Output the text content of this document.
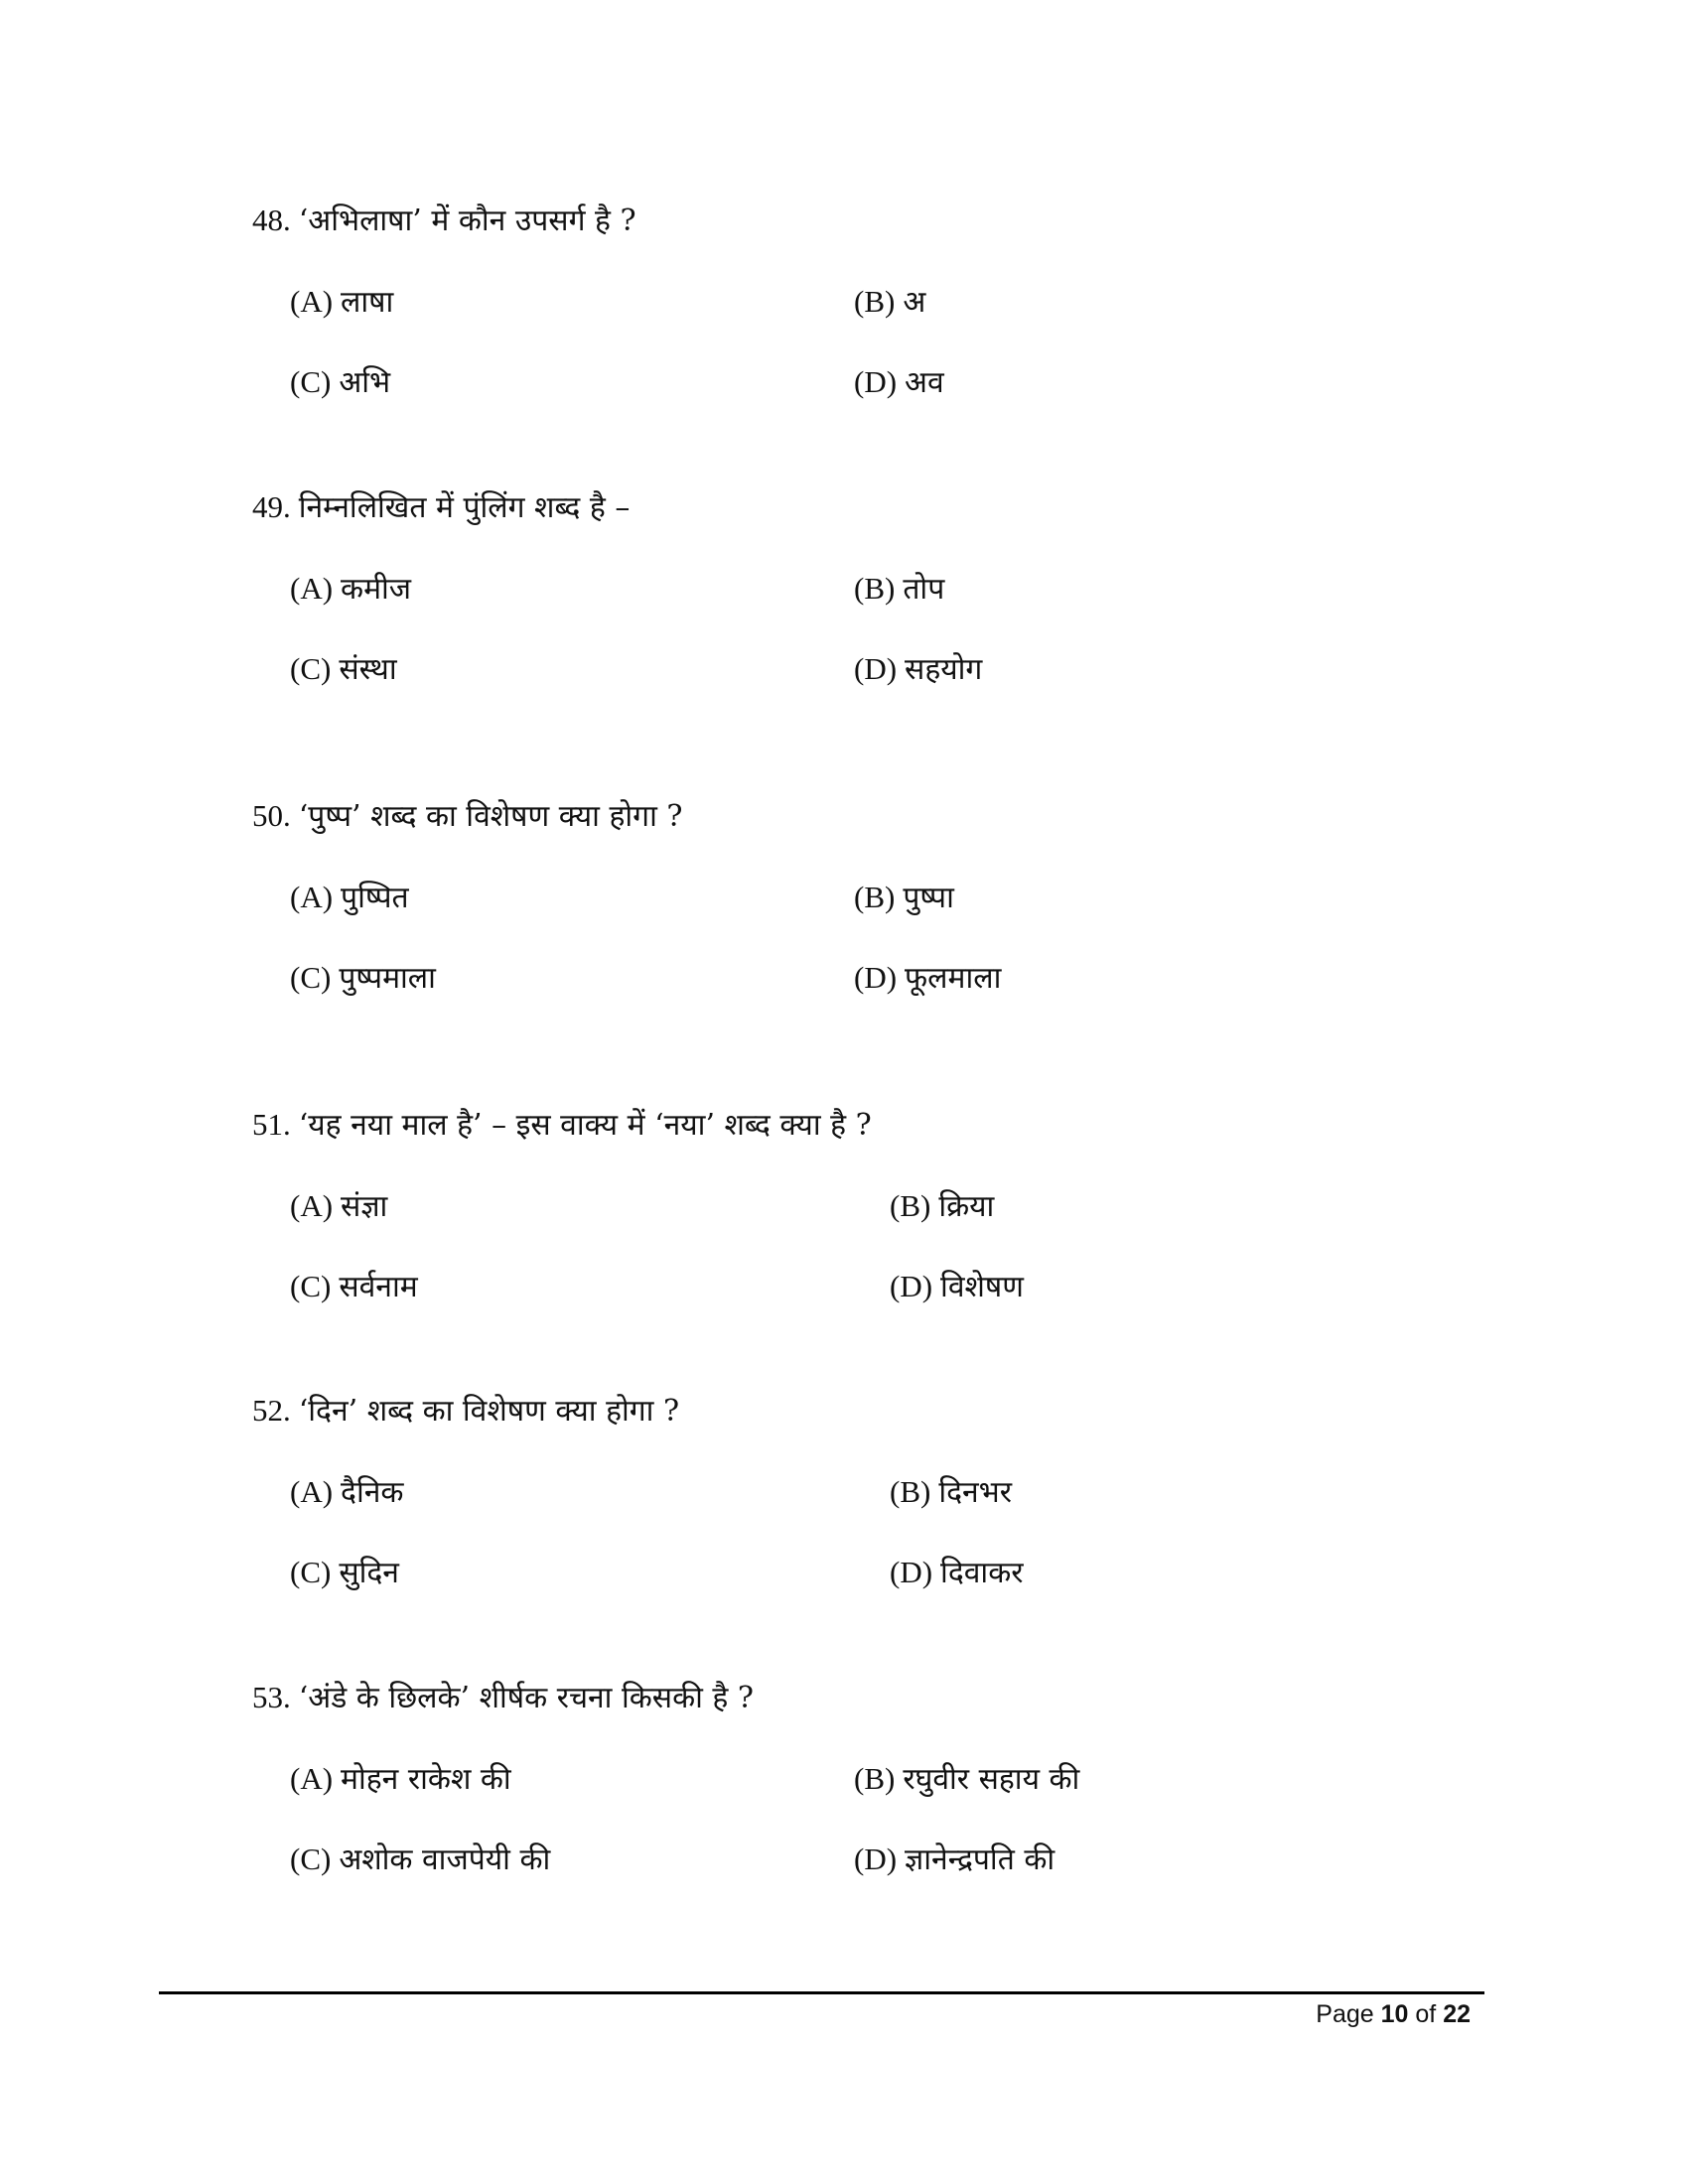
48. ‘अभिलाषा’ में कौन उपसर्ग है ?
(A) लाषा	(B) अ
(C) अभि	(D) अव
49. निम्नलिखित में पुंलिंग शब्द है –
(A) कमीज	(B) तोप
(C) संस्था	(D) सहयोग
50. ‘पुष्प’ शब्द का विशेषण क्या होगा ?
(A) पुष्पित	(B) पुष्पा
(C) पुष्पमाला	(D) फूलमाला
51. ‘यह नया माल है’ – इस वाक्य में ‘नया’ शब्द क्या है ?
(A) संज्ञा	(B) क्रिया
(C) सर्वनाम	(D) विशेषण
52. ‘दिन’ शब्द का विशेषण क्या होगा ?
(A) दैनिक	(B) दिनभर
(C) सुदिन	(D) दिवाकर
53. ‘अंडे के छिलके’ शीर्षक रचना किसकी है ?
(A) मोहन राकेश की	(B) रघुवीर सहाय की
(C) अशोक वाजपेयी की	(D) ज्ञानेन्द्रपति की
Page 10 of 22
